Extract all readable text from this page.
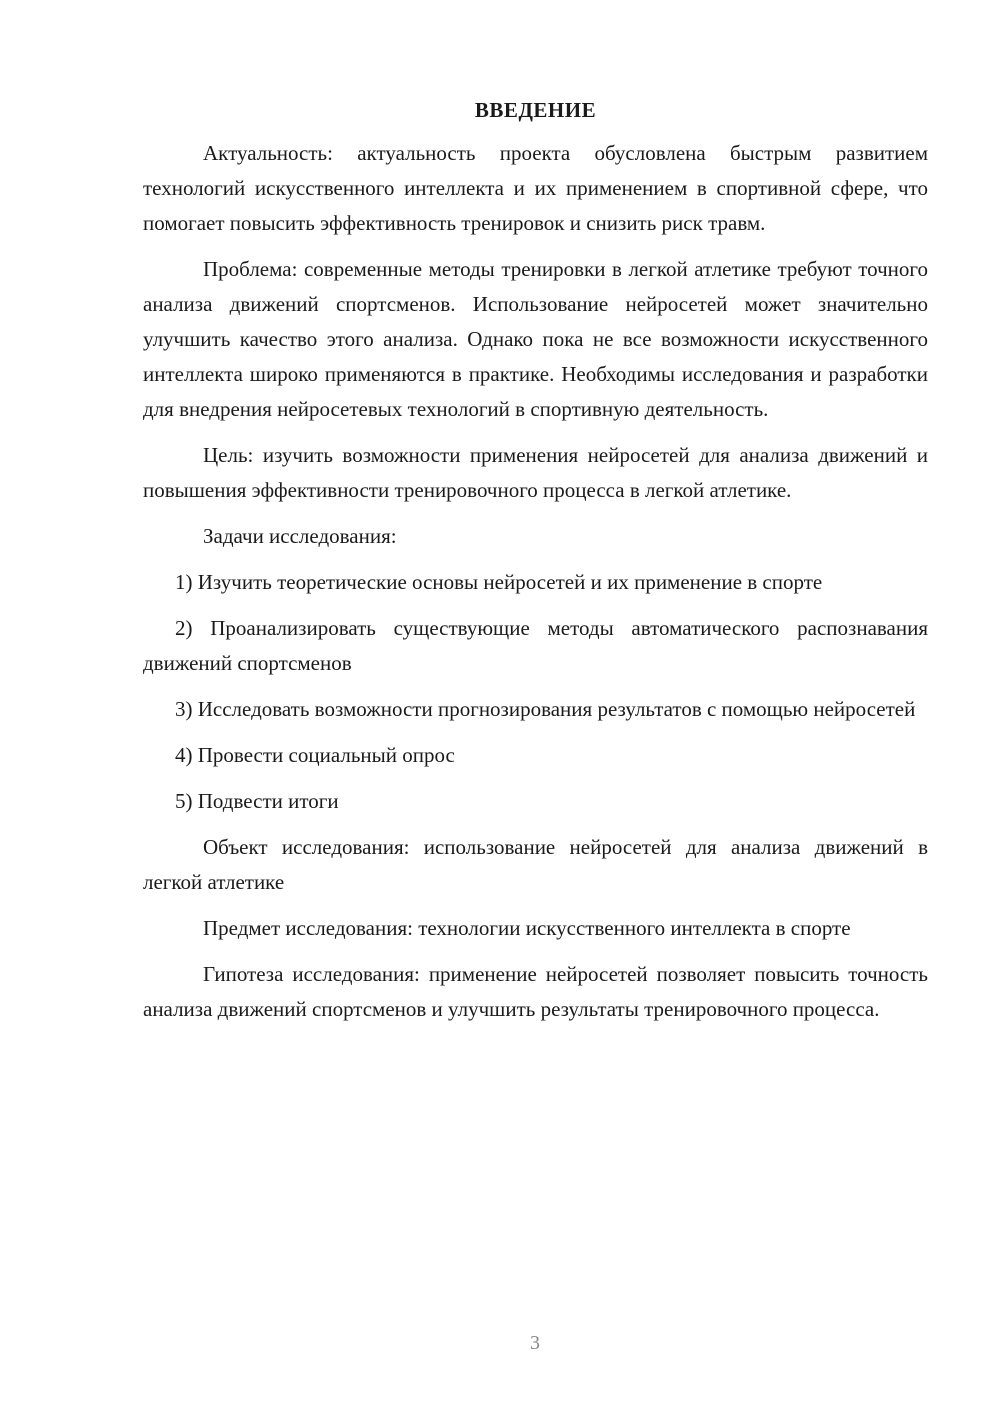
ВВЕДЕНИЕ

Актуальность: актуальность проекта обусловлена быстрым развитием технологий искусственного интеллекта и их применением в спортивной сфере, что помогает повысить эффективность тренировок и снизить риск травм.

Проблема: современные методы тренировки в легкой атлетике требуют точного анализа движений спортсменов. Использование нейросетей может значительно улучшить качество этого анализа. Однако пока не все возможности искусственного интеллекта широко применяются в практике. Необходимы исследования и разработки для внедрения нейросетевых технологий в спортивную деятельность.

Цель: изучить возможности применения нейросетей для анализа движений и повышения эффективности тренировочного процесса в легкой атлетике.

Задачи исследования:

1) Изучить теоретические основы нейросетей и их применение в спорте

2) Проанализировать существующие методы автоматического распознавания движений спортсменов

3) Исследовать возможности прогнозирования результатов с помощью нейросетей

4) Провести социальный опрос

5) Подвести итоги

Объект исследования: использование нейросетей для анализа движений в легкой атлетике

Предмет исследования: технологии искусственного интеллекта в спорте

Гипотеза исследования: применение нейросетей позволяет повысить точность анализа движений спортсменов и улучшить результаты тренировочного процесса.

3
